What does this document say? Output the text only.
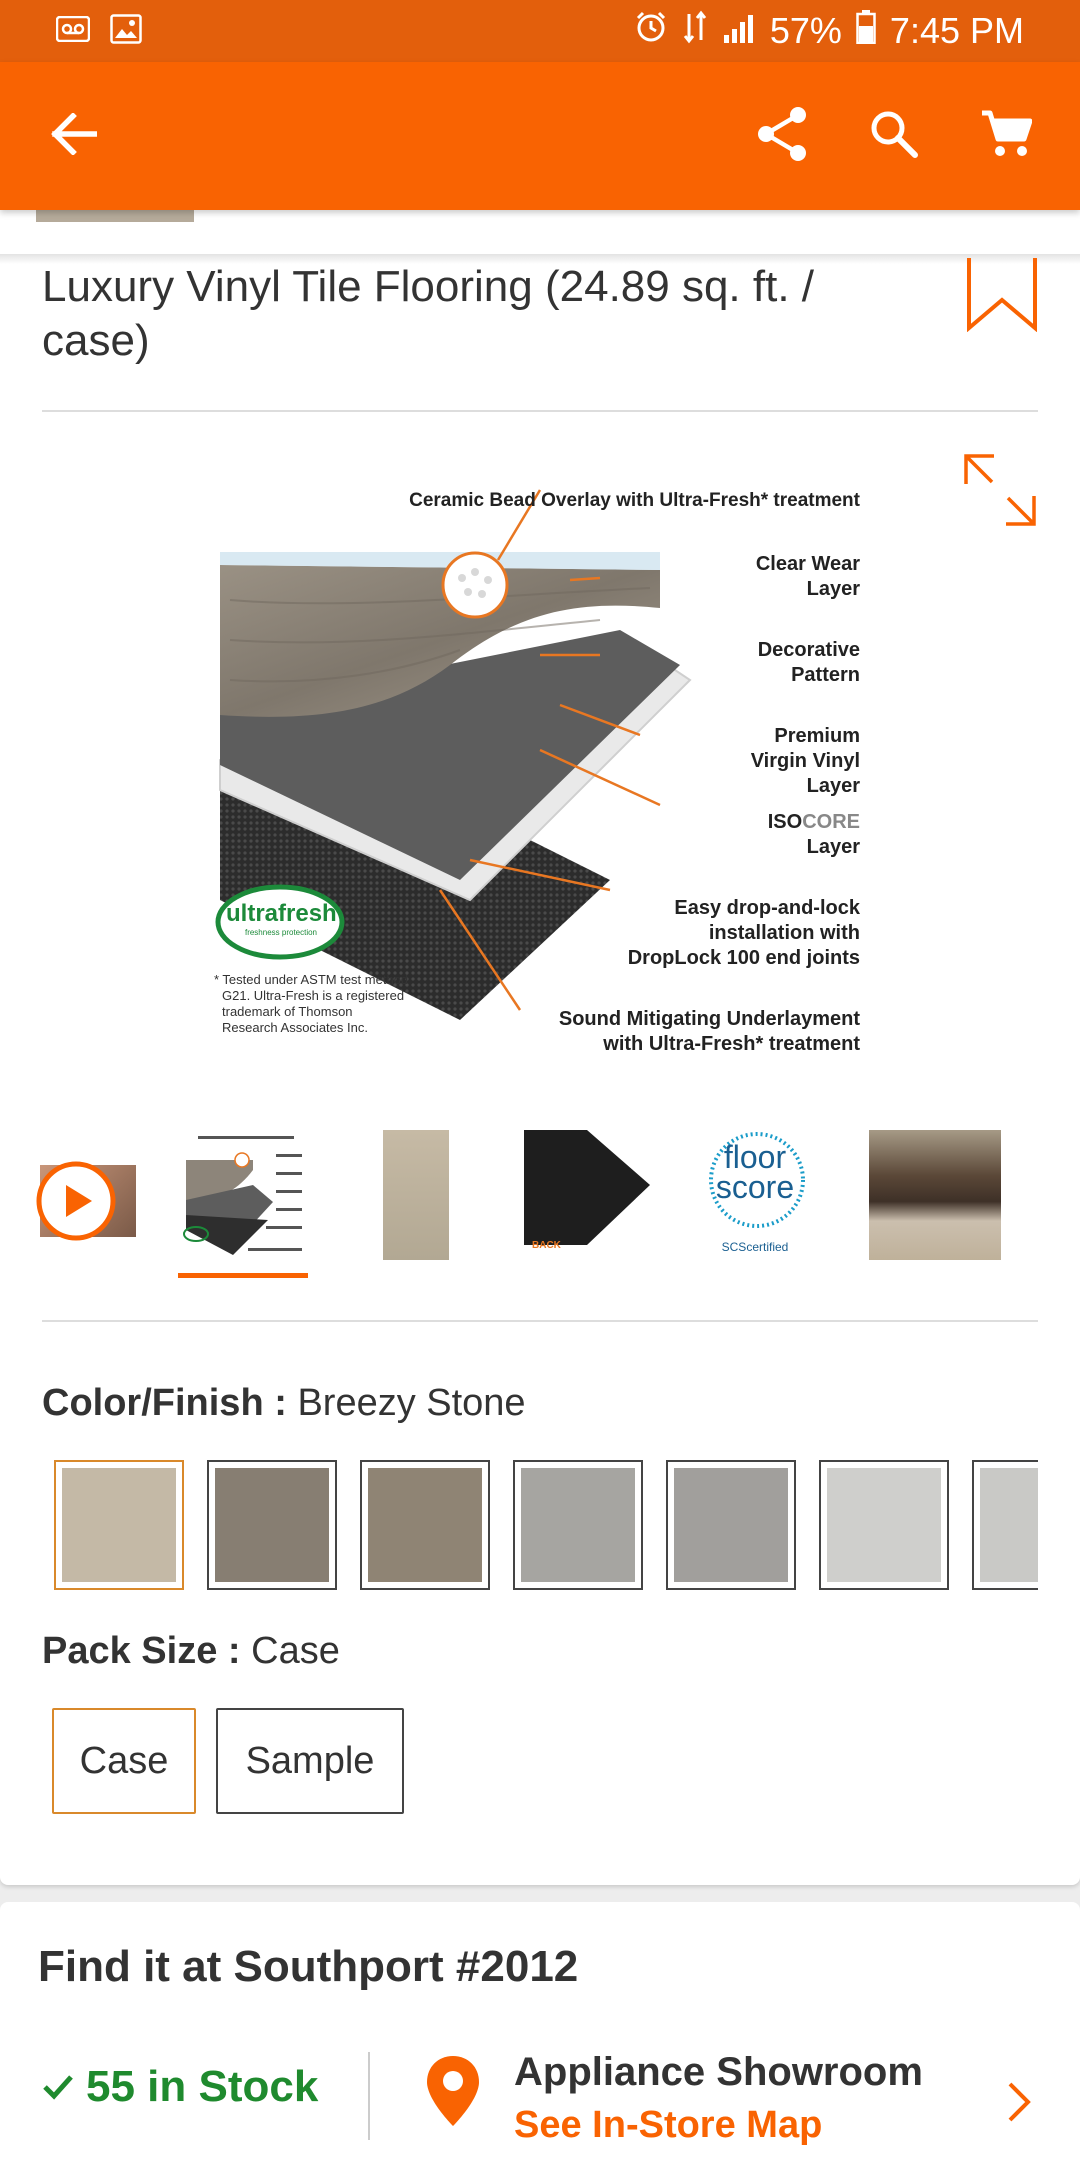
57% 7:45 PM
Luxury Vinyl Tile Flooring (24.89 sq. ft. / case)
Ceramic Bead Overlay with Ultra-Fresh* treatment
Clear Wear
Layer
Decorative
Pattern
Premium
Virgin Vinyl
Layer
ISOCORE
Layer
Easy drop-and-lock
installation with
DropLock 100 end joints
Sound Mitigating Underlayment
with Ultra-Fresh* treatment
ultrafresh
freshness protection
* Tested under ASTM test method
G21. Ultra-Fresh is a registered
trademark of Thomson
Research Associates Inc.
BACK
floor
score
SCScertified
Color/Finish : Breezy Stone
Pack Size : Case
Case	Sample
Find it at Southport #2012
55 in Stock	Appliance Showroom
See In-Store Map
